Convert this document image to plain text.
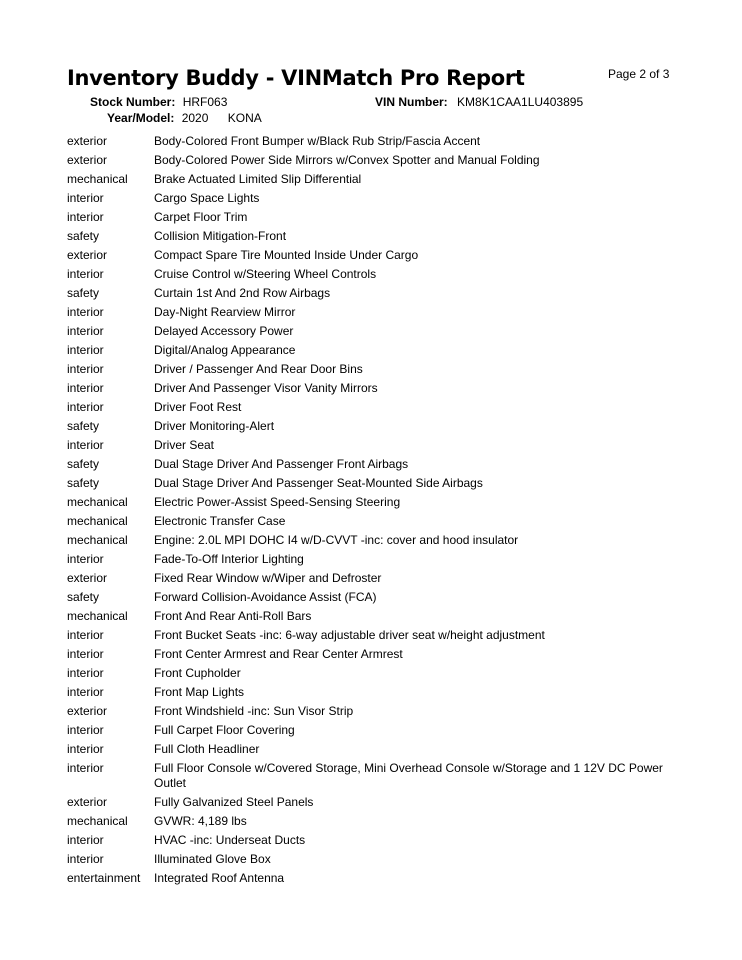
Inventory Buddy - VINMatch Pro Report	Page 2 of 3
Stock Number: HRF063	VIN Number: KM8K1CAA1LU403895
Year/Model: 2020 KONA
exterior	Body-Colored Front Bumper w/Black Rub Strip/Fascia Accent
exterior	Body-Colored Power Side Mirrors w/Convex Spotter and Manual Folding
mechanical	Brake Actuated Limited Slip Differential
interior	Cargo Space Lights
interior	Carpet Floor Trim
safety	Collision Mitigation-Front
exterior	Compact Spare Tire Mounted Inside Under Cargo
interior	Cruise Control w/Steering Wheel Controls
safety	Curtain 1st And 2nd Row Airbags
interior	Day-Night Rearview Mirror
interior	Delayed Accessory Power
interior	Digital/Analog Appearance
interior	Driver / Passenger And Rear Door Bins
interior	Driver And Passenger Visor Vanity Mirrors
interior	Driver Foot Rest
safety	Driver Monitoring-Alert
interior	Driver Seat
safety	Dual Stage Driver And Passenger Front Airbags
safety	Dual Stage Driver And Passenger Seat-Mounted Side Airbags
mechanical	Electric Power-Assist Speed-Sensing Steering
mechanical	Electronic Transfer Case
mechanical	Engine: 2.0L MPI DOHC I4 w/D-CVVT -inc: cover and hood insulator
interior	Fade-To-Off Interior Lighting
exterior	Fixed Rear Window w/Wiper and Defroster
safety	Forward Collision-Avoidance Assist (FCA)
mechanical	Front And Rear Anti-Roll Bars
interior	Front Bucket Seats -inc: 6-way adjustable driver seat w/height adjustment
interior	Front Center Armrest and Rear Center Armrest
interior	Front Cupholder
interior	Front Map Lights
exterior	Front Windshield -inc: Sun Visor Strip
interior	Full Carpet Floor Covering
interior	Full Cloth Headliner
interior	Full Floor Console w/Covered Storage, Mini Overhead Console w/Storage and 1 12V DC Power Outlet
exterior	Fully Galvanized Steel Panels
mechanical	GVWR: 4,189 lbs
interior	HVAC -inc: Underseat Ducts
interior	Illuminated Glove Box
entertainment	Integrated Roof Antenna
